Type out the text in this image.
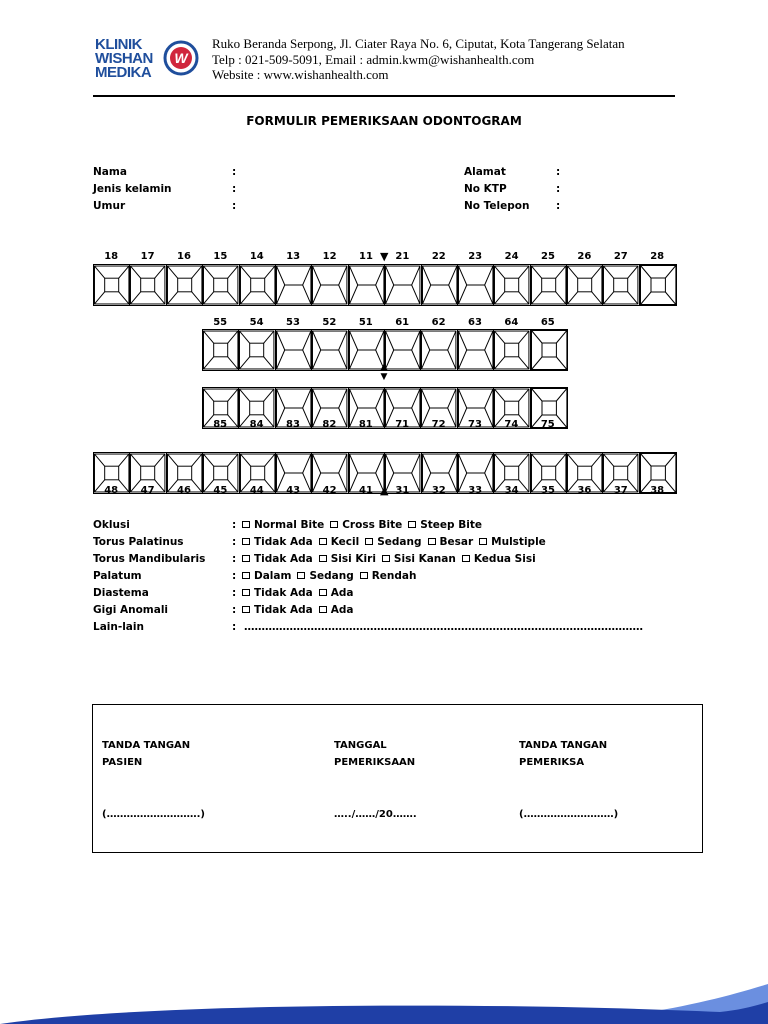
KLINIK
WISHAN
MEDIKA
W
Ruko Beranda Serpong, Jl. Ciater Raya No. 6, Ciputat, Kota Tangerang Selatan
Telp : 021-509-5091, Email : admin.kwm@wishanhealth.com
Website : www.wishanhealth.com
FORMULIR PEMERIKSAAN ODONTOGRAM
Nama	:
Jenis kelamin	:
Umur	:
Alamat	:
No KTP	:
No Telepon	:
18	17	16	15	14	13	12	11	21	22	23	24	25	26	27	28
▼
55	54	53	52	51	61	62	63	64	65
▲
▼
85	84	83	82	81	71	72	73	74	75
48	47	46	45	44	43	42	41	31	32	33	34	35	36	37	38
▲
Oklusi	:	Normal Bite	Cross Bite	Steep Bite
Torus Palatinus	:	Tidak Ada	Kecil	Sedang	Besar	Mulstiple
Torus Mandibularis	:	Tidak Ada	Sisi Kiri	Sisi Kanan	Kedua Sisi
Palatum	:	Dalam	Sedang	Rendah
Diastema	:	Tidak Ada	Ada
Gigi Anomali	:	Tidak Ada	Ada
Lain-lain	: ……………………………………………………………………………………………………
TANDA TANGAN
PASIEN
(……………………….)
TANGGAL
PEMERIKSAAN
…../……/20…….
TANDA TANGAN
PEMERIKSA
(………………………)
